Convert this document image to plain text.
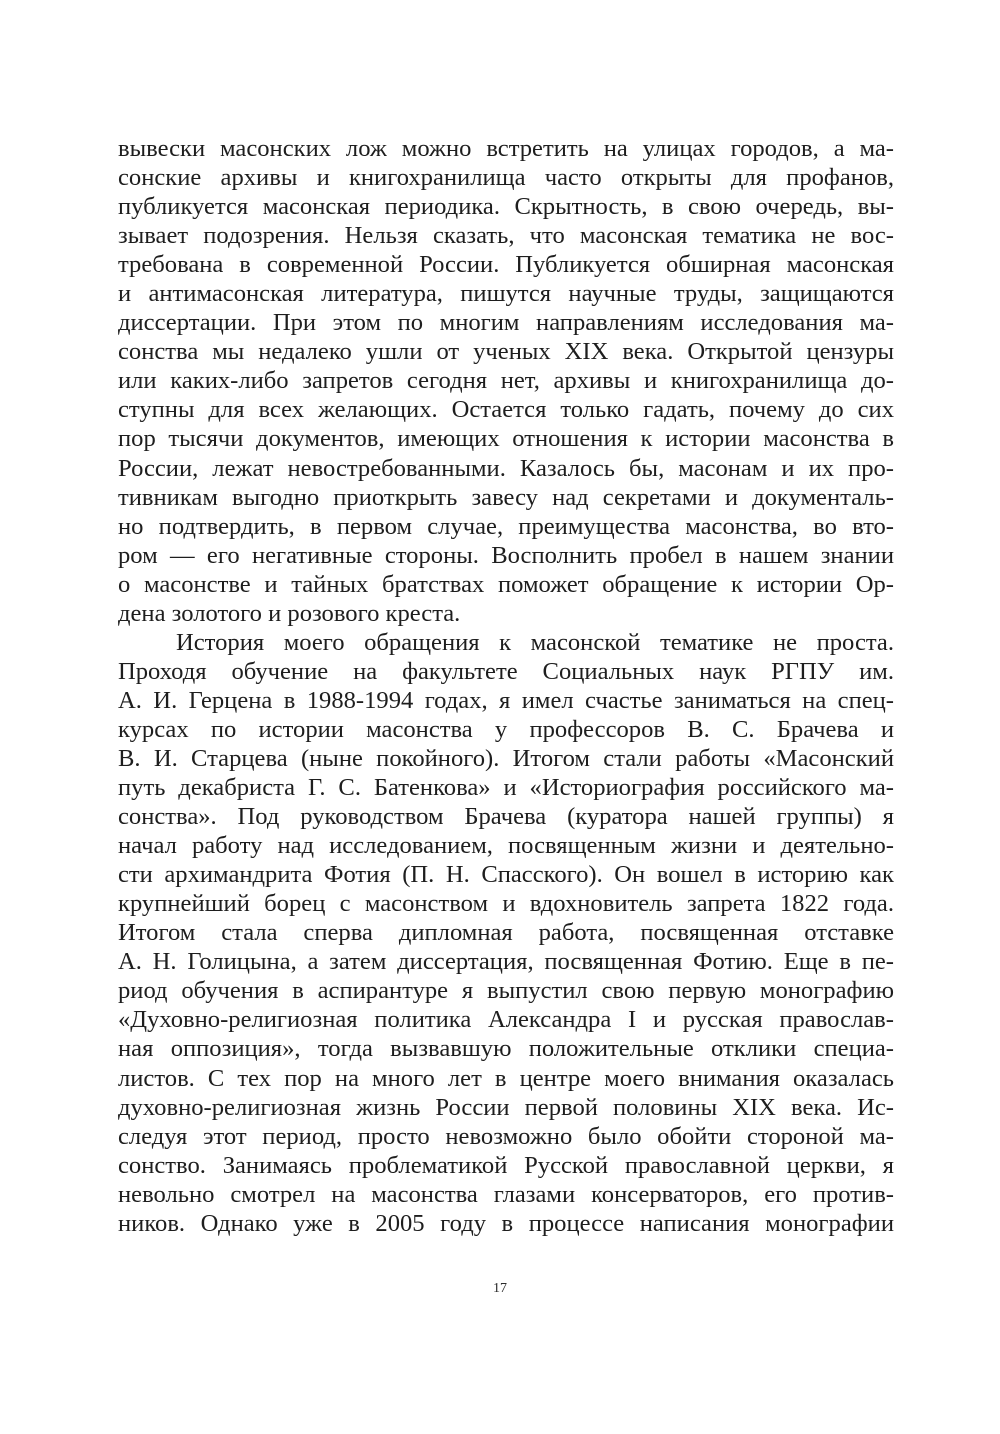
вывески масонских лож можно встретить на улицах городов, а ма-
сонские архивы и книгохранилища часто открыты для профанов,
публикуется масонская периодика. Скрытность, в свою очередь, вы-
зывает подозрения. Нельзя сказать, что масонская тематика не вос-
требована в современной России. Публикуется обширная масонская
и антимасонская литература, пишутся научные труды, защищаются
диссертации. При этом по многим направлениям исследования ма-
сонства мы недалеко ушли от ученых XIX века. Открытой цензуры
или каких-либо запретов сегодня нет, архивы и книгохранилища до-
ступны для всех желающих. Остается только гадать, почему до сих
пор тысячи документов, имеющих отношения к истории масонства в
России, лежат невостребованными. Казалось бы, масонам и их про-
тивникам выгодно приоткрыть завесу над секретами и документаль-
но подтвердить, в первом случае, преимущества масонства, во вто-
ром — его негативные стороны. Восполнить пробел в нашем знании
о масонстве и тайных братствах поможет обращение к истории Ор-
дена золотого и розового креста.
История моего обращения к масонской тематике не проста.
Проходя обучение на факультете Социальных наук РГПУ им.
А. И. Герцена в 1988-1994 годах, я имел счастье заниматься на спец-
курсах по истории масонства у профессоров В. С. Брачева и
В. И. Старцева (ныне покойного). Итогом стали работы «Масонский
путь декабриста Г. С. Батенкова» и «Историография российского ма-
сонства». Под руководством Брачева (куратора нашей группы) я
начал работу над исследованием, посвященным жизни и деятельно-
сти архимандрита Фотия (П. Н. Спасского). Он вошел в историю как
крупнейший борец с масонством и вдохновитель запрета 1822 года.
Итогом стала сперва дипломная работа, посвященная отставке
А. Н. Голицына, а затем диссертация, посвященная Фотию. Еще в пе-
риод обучения в аспирантуре я выпустил свою первую монографию
«Духовно-религиозная политика Александра I и русская православ-
ная оппозиция», тогда вызвавшую положительные отклики специа-
листов. С тех пор на много лет в центре моего внимания оказалась
духовно-религиозная жизнь России первой половины XIX века. Ис-
следуя этот период, просто невозможно было обойти стороной ма-
сонство. Занимаясь проблематикой Русской православной церкви, я
невольно смотрел на масонства глазами консерваторов, его против-
ников. Однако уже в 2005 году в процессе написания монографии
17
